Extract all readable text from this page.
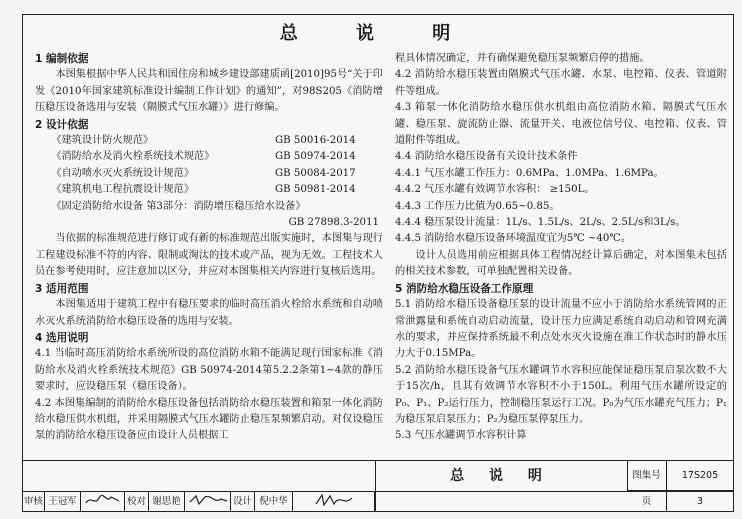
总 说 明

1 编制依据

本图集根据中华人民共和国住房和城乡建设部建质函[2010]95号“关于印发《2010年国家建筑标准设计编制工作计划》的通知”，对98S205《消防增压稳压设备选用与安装（隔膜式气压水罐）》进行修编。

2 设计依据

《建筑设计防火规范》	GB 50016-2014
《消防给水及消火栓系统技术规范》	GB 50974-2014
《自动喷水灭火系统设计规范》	GB 50084-2017
《建筑机电工程抗震设计规范》	GB 50981-2014
《固定消防给水设备 第3部分：消防增压稳压给水设备》
GB 27898.3-2011

当依据的标准规范进行修订或有新的标准规范出版实施时，本图集与现行工程建设标准不符的内容、限制或淘汰的技术或产品，视为无效。工程技术人员在参考使用时，应注意加以区分，并应对本图集相关内容进行复核后选用。

3 适用范围

本图集适用于建筑工程中有稳压要求的临时高压消火栓给水系统和自动喷水灭火系统消防给水稳压设备的选用与安装。

4 选用说明

4.1 当临时高压消防给水系统所设的高位消防水箱不能满足现行国家标准《消防给水及消火栓系统技术规范》GB 50974-2014第5.2.2条第1~4款的静压要求时，应设稳压泵（稳压设备）。

4.2 本图集编制的消防给水稳压设备包括消防给水稳压装置和箱泵一体化消防给水稳压供水机组，并采用隔膜式气压水罐防止稳压泵频繁启动。对仅设稳压泵的消防给水稳压设备应由设计人员根据工

程具体情况确定，并有确保避免稳压泵频繁启停的措施。

4.2 消防给水稳压装置由隔膜式气压水罐、水泵、电控箱、仪表、管道附件等组成。

4.3 箱泵一体化消防给水稳压供水机组由高位消防水箱、隔膜式气压水罐、稳压泵、旋流防止器、流量开关、电液位信号仪、电控箱、仪表、管道附件等组成。

4.4 消防给水稳压设备有关设计技术条件

4.4.1 气压水罐工作压力：0.6MPa、1.0MPa、1.6MPa。

4.4.2 气压水罐有效调节水容积： ≥150L。

4.4.3 工作压力比值为0.65~0.85。

4.4.4 稳压泵设计流量：1L/s、1.5L/s、2L/s、2.5L/s和3L/s。

4.4.5 消防给水稳压设备环境温度宜为5℃ ~40℃。

设计人员选用前应根据具体工程情况经计算后确定，对本图集未包括的相关技术参数，可单独配置相关设备。

5 消防给水稳压设备工作原理

5.1 消防给水稳压设备稳压泵的设计流量不应小于消防给水系统管网的正常泄露量和系统自动启动流量，设计压力应满足系统自动启动和管网充满水的要求，并应保持系统最不利点处水灭火设施在准工作状态时的静水压力大于0.15MPa。

5.2 消防给水稳压设备气压水罐调节水容积应能保证稳压泵启泵次数不大于15次/h，且其有效调节水容积不小于150L。利用气压水罐所设定的P₀、P₁、P₂运行压力，控制稳压泵运行工况。P₀为气压水罐充气压力；P₁为稳压泵启泵压力；P₂为稳压泵停泵压力。

5.3 气压水罐调节水容积计算

总 说 明	图集号	17S205
审核 王冠军	校对 谢思艳	设计 倪中华	页	3
